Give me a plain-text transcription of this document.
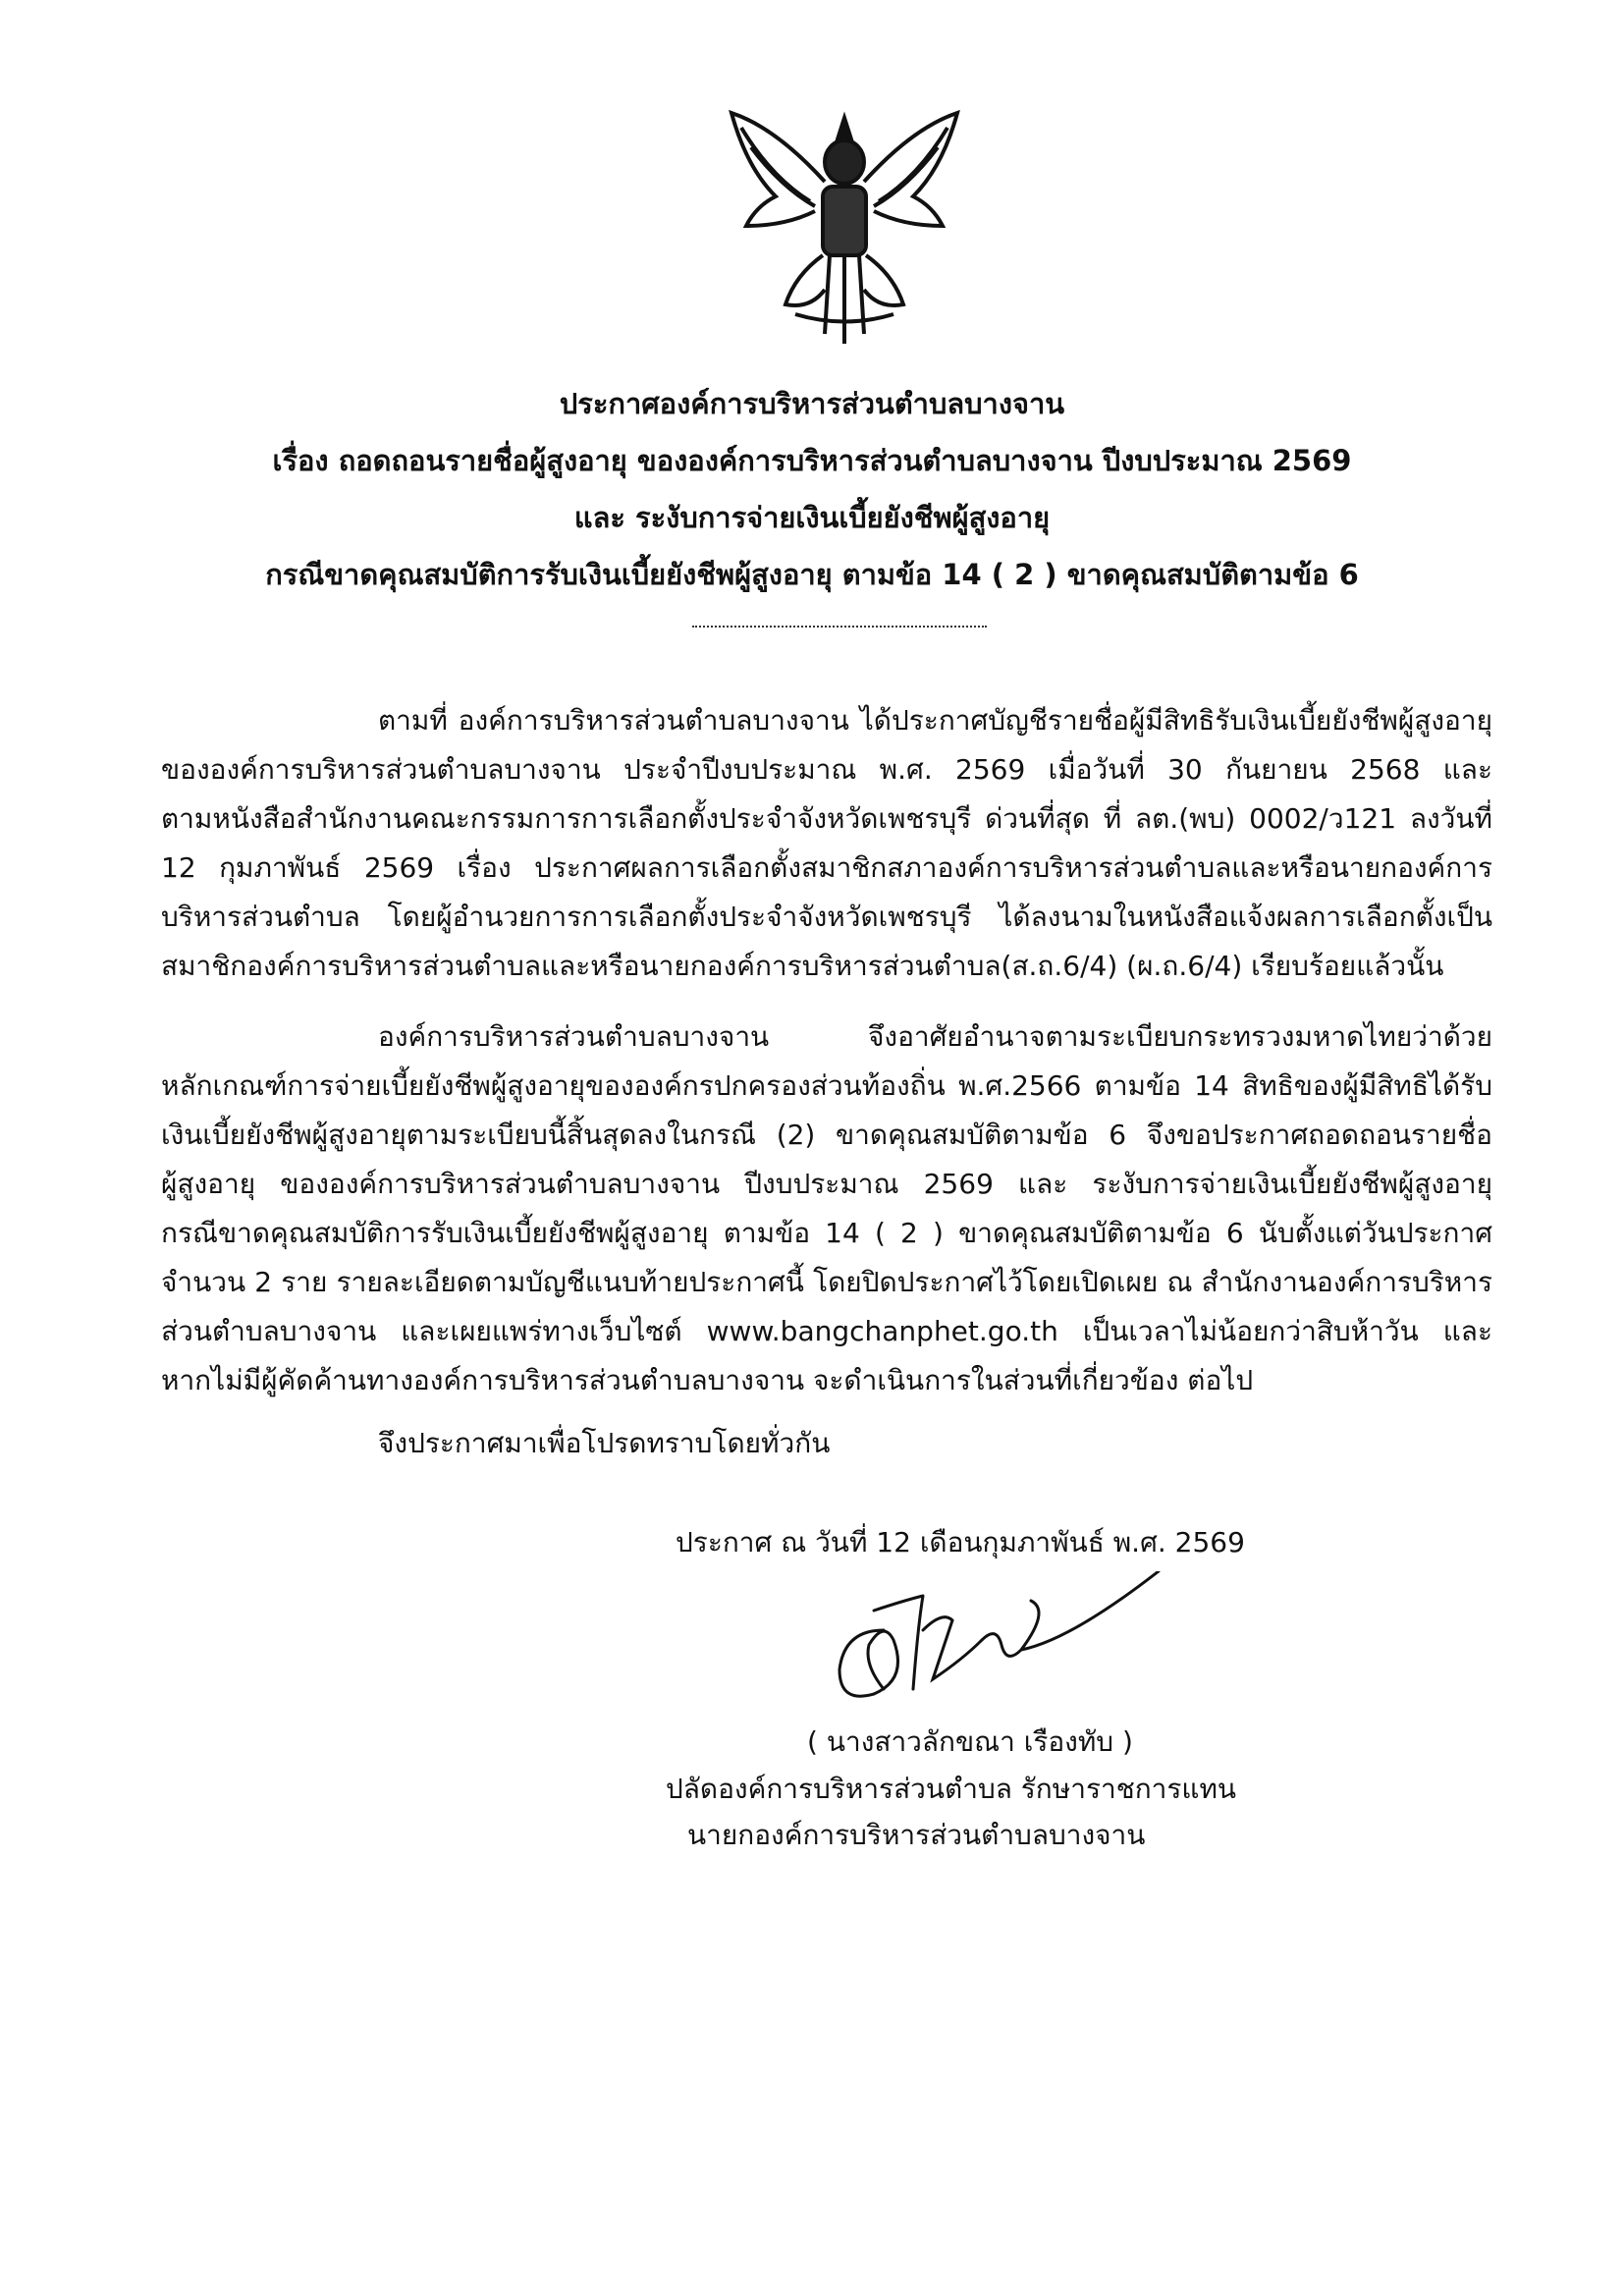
ประกาศองค์การบริหารส่วนตำบลบางจาน
เรื่อง ถอดถอนรายชื่อผู้สูงอายุ ขององค์การบริหารส่วนตำบลบางจาน ปีงบประมาณ 2569
และ ระงับการจ่ายเงินเบี้ยยังชีพผู้สูงอายุ
กรณีขาดคุณสมบัติการรับเงินเบี้ยยังชีพผู้สูงอายุ ตามข้อ 14 ( 2 ) ขาดคุณสมบัติตามข้อ 6
ตามที่ องค์การบริหารส่วนตำบลบางจาน ได้ประกาศบัญชีรายชื่อผู้มีสิทธิรับเงินเบี้ยยังชีพผู้สูงอายุ
ขององค์การบริหารส่วนตำบลบางจาน ประจำปีงบประมาณ พ.ศ. 2569 เมื่อวันที่ 30 กันยายน 2568 และ
ตามหนังสือสำนักงานคณะกรรมการการเลือกตั้งประจำจังหวัดเพชรบุรี ด่วนที่สุด ที่ ลต.(พบ) 0002/ว121 ลงวันที่
12 กุมภาพันธ์ 2569 เรื่อง ประกาศผลการเลือกตั้งสมาชิกสภาองค์การบริหารส่วนตำบลและหรือนายกองค์การ
บริหารส่วนตำบล โดยผู้อำนวยการการเลือกตั้งประจำจังหวัดเพชรบุรี ได้ลงนามในหนังสือแจ้งผลการเลือกตั้งเป็น
สมาชิกองค์การบริหารส่วนตำบลและหรือนายกองค์การบริหารส่วนตำบล(ส.ถ.6/4) (ผ.ถ.6/4) เรียบร้อยแล้วนั้น
องค์การบริหารส่วนตำบลบางจาน จึงอาศัยอำนาจตามระเบียบกระทรวงมหาดไทยว่าด้วย
หลักเกณฑ์การจ่ายเบี้ยยังชีพผู้สูงอายุขององค์กรปกครองส่วนท้องถิ่น พ.ศ.2566 ตามข้อ 14 สิทธิของผู้มีสิทธิได้รับ
เงินเบี้ยยังชีพผู้สูงอายุตามระเบียบนี้สิ้นสุดลงในกรณี (2) ขาดคุณสมบัติตามข้อ 6 จึงขอประกาศถอดถอนรายชื่อ
ผู้สูงอายุ ขององค์การบริหารส่วนตำบลบางจาน ปีงบประมาณ 2569 และ ระงับการจ่ายเงินเบี้ยยังชีพผู้สูงอายุ
กรณีขาดคุณสมบัติการรับเงินเบี้ยยังชีพผู้สูงอายุ ตามข้อ 14 ( 2 ) ขาดคุณสมบัติตามข้อ 6 นับตั้งแต่วันประกาศ
จำนวน 2 ราย รายละเอียดตามบัญชีแนบท้ายประกาศนี้ โดยปิดประกาศไว้โดยเปิดเผย ณ สำนักงานองค์การบริหาร
ส่วนตำบลบางจาน และเผยแพร่ทางเว็บไซต์ www.bangchanphet.go.th เป็นเวลาไม่น้อยกว่าสิบห้าวัน และ
หากไม่มีผู้คัดค้านทางองค์การบริหารส่วนตำบลบางจาน จะดำเนินการในส่วนที่เกี่ยวข้อง ต่อไป
จึงประกาศมาเพื่อโปรดทราบโดยทั่วกัน
ประกาศ ณ วันที่ 12 เดือนกุมภาพันธ์ พ.ศ. 2569
( นางสาวลักขณา เรืองทับ )
ปลัดองค์การบริหารส่วนตำบล รักษาราชการแทน
นายกองค์การบริหารส่วนตำบลบางจาน
